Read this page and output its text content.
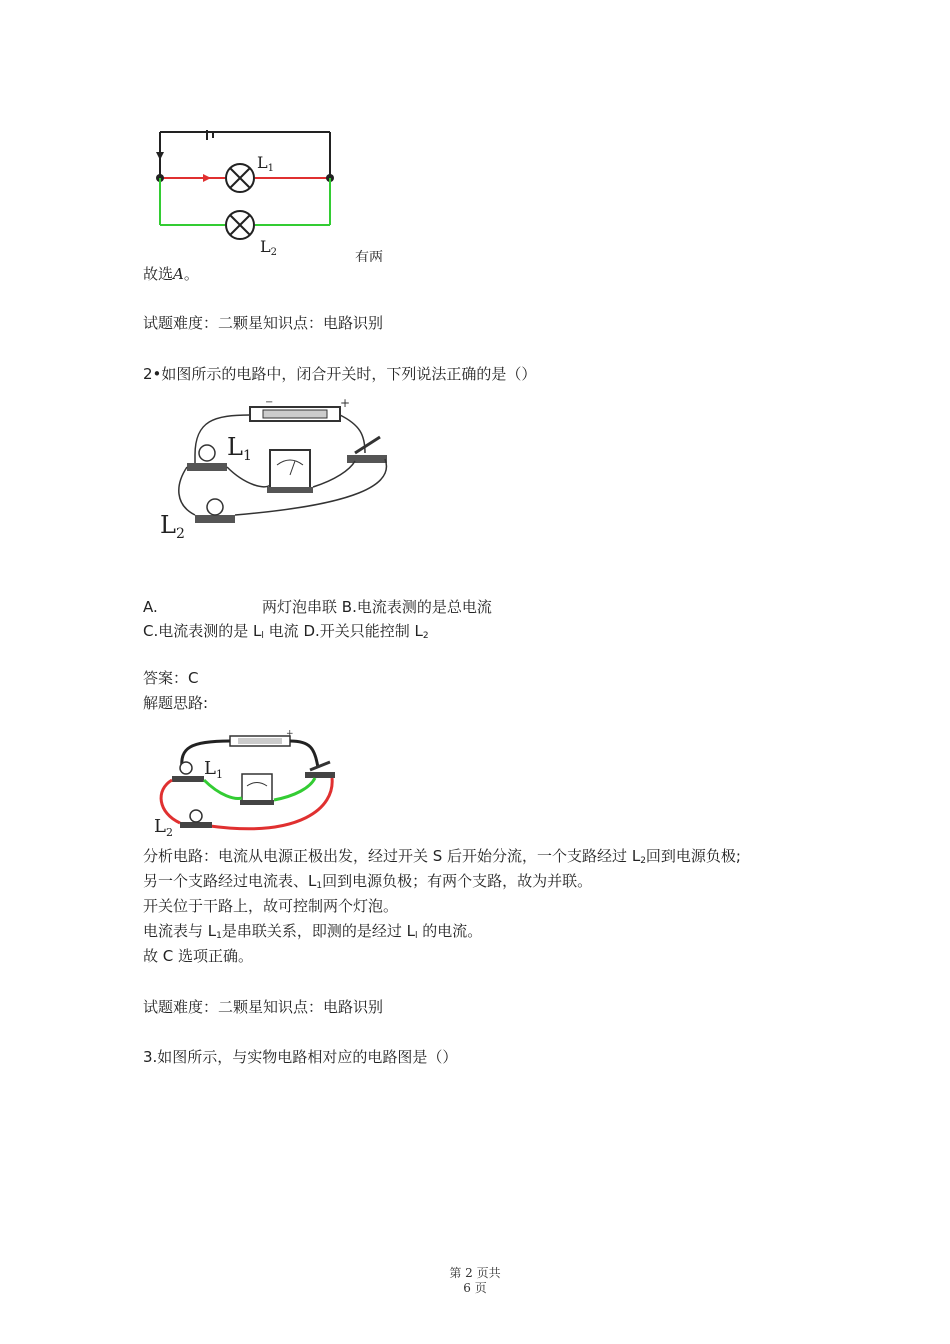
L1
L2	有两
故选A。
试题难度：二颗星知识点：电路识别
2•如图所示的电路中，闭合开关时，下列说法正确的是（）
−	+
$L_1$
$L_2$
A.	两灯泡串联 B.电流表测的是总电流
C.电流表测的是 $L_l$ 电流 D.开关只能控制 $L_2$
答案：C
解题思路:
+
$L_1$
$L_2$
分析电路：电流从电源正极出发，经过开关 S 后开始分流，一个支路经过 $L_2$回到电源负极;
另一个支路经过电流表、$L_1$回到电源负极；有两个支路，故为并联。
开关位于干路上，故可控制两个灯泡。
电流表与 $L_1$是串联关系，即测的是经过 $L_l$ 的电流。
故 C 选项正确。
试题难度：二颗星知识点：电路识别
3.如图所示，与实物电路相对应的电路图是（）
第 2 页共
6 页
